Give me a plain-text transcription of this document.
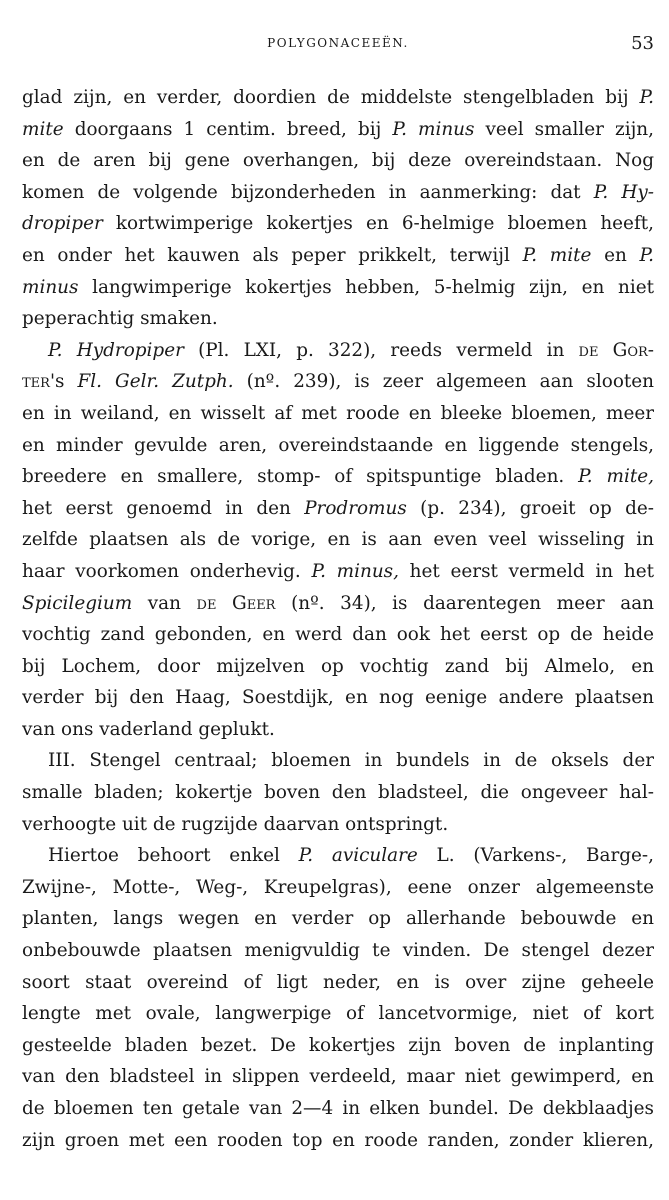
POLYGONACEEËN.	53
glad zijn, en verder, doordien de middelste stengelbladen bij P.
mite doorgaans 1 centim. breed, bij P. minus veel smaller zijn,
en de aren bij gene overhangen, bij deze overeindstaan. Nog
komen de volgende bijzonderheden in aanmerking: dat P. Hy-
dropiper kortwimperige kokertjes en 6-helmige bloemen heeft,
en onder het kauwen als peper prikkelt, terwijl P. mite en P.
minus langwimperige kokertjes hebben, 5-helmig zijn, en niet
peperachtig smaken.
P. Hydropiper (Pl. LXI, p. 322), reeds vermeld in de Gor-
ter's Fl. Gelr. Zutph. (nº. 239), is zeer algemeen aan slooten
en in weiland, en wisselt af met roode en bleeke bloemen, meer
en minder gevulde aren, overeindstaande en liggende stengels,
breedere en smallere, stomp- of spitspuntige bladen. P. mite,
het eerst genoemd in den Prodromus (p. 234), groeit op de-
zelfde plaatsen als de vorige, en is aan even veel wisseling in
haar voorkomen onderhevig. P. minus, het eerst vermeld in het
Spicilegium van de Geer (nº. 34), is daarentegen meer aan
vochtig zand gebonden, en werd dan ook het eerst op de heide
bij Lochem, door mijzelven op vochtig zand bij Almelo, en
verder bij den Haag, Soestdijk, en nog eenige andere plaatsen
van ons vaderland geplukt.
III. Stengel centraal; bloemen in bundels in de oksels der
smalle bladen; kokertje boven den bladsteel, die ongeveer hal-
verhoogte uit de rugzijde daarvan ontspringt.
Hiertoe behoort enkel P. aviculare L. (Varkens-, Barge-,
Zwijne-, Motte-, Weg-, Kreupelgras), eene onzer algemeenste
planten, langs wegen en verder op allerhande bebouwde en
onbebouwde plaatsen menigvuldig te vinden. De stengel dezer
soort staat overeind of ligt neder, en is over zijne geheele
lengte met ovale, langwerpige of lancetvormige, niet of kort
gesteelde bladen bezet. De kokertjes zijn boven de inplanting
van den bladsteel in slippen verdeeld, maar niet gewimperd, en
de bloemen ten getale van 2—4 in elken bundel. De dekblaadjes
zijn groen met een rooden top en roode randen, zonder klieren,
